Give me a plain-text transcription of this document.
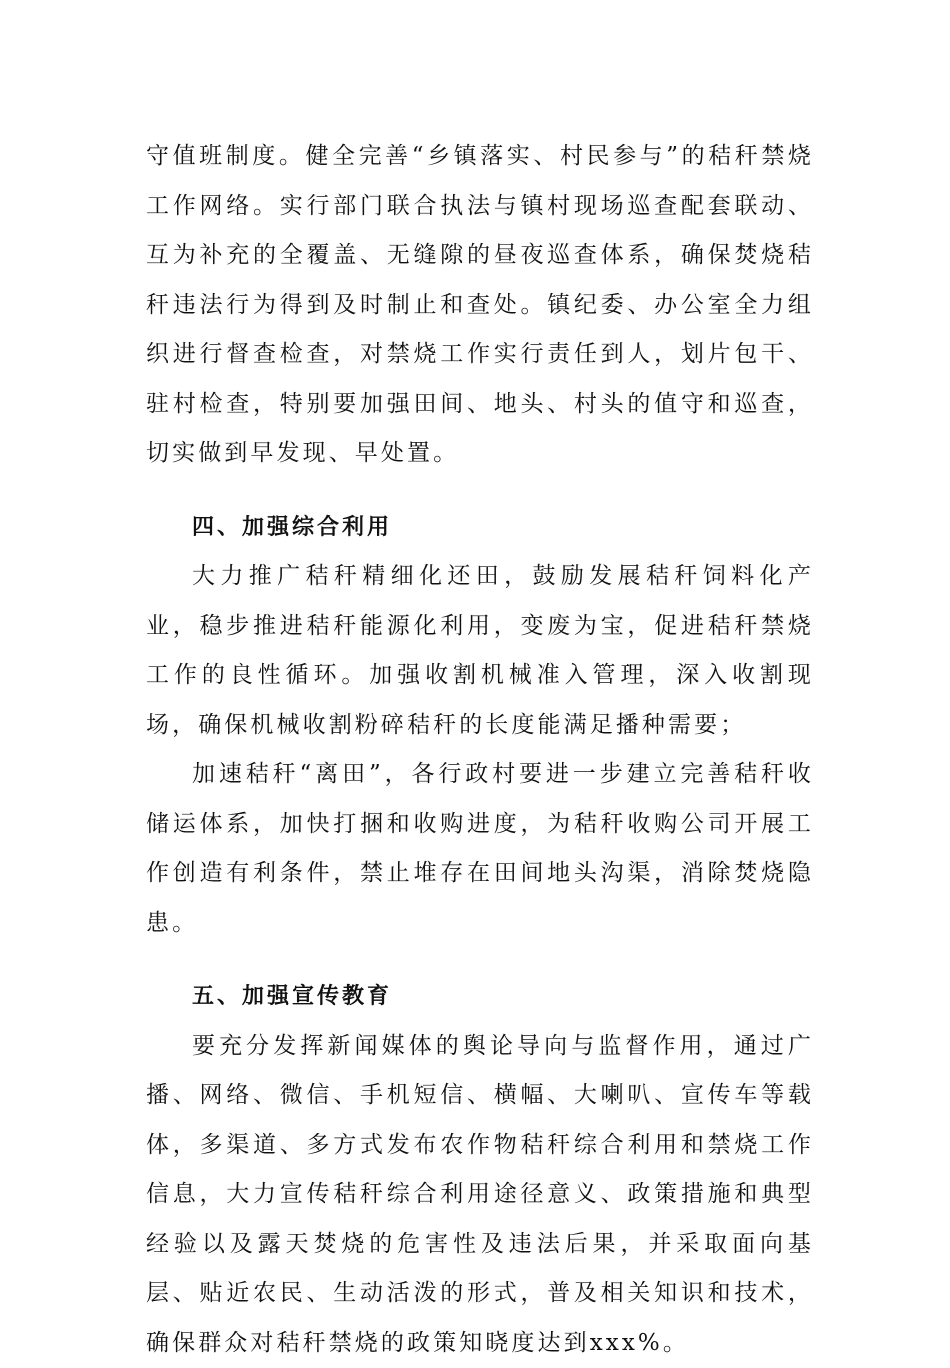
守值班制度。健全完善“乡镇落实、村民参与”的秸秆禁烧工作网络。实行部门联合执法与镇村现场巡查配套联动、互为补充的全覆盖、无缝隙的昼夜巡查体系，确保焚烧秸秆违法行为得到及时制止和查处。镇纪委、办公室全力组织进行督查检查，对禁烧工作实行责任到人，划片包干、驻村检查，特别要加强田间、地头、村头的值守和巡查，切实做到早发现、早处置。

四、加强综合利用

大力推广秸秆精细化还田，鼓励发展秸秆饲料化产业，稳步推进秸秆能源化利用，变废为宝，促进秸秆禁烧工作的良性循环。加强收割机械准入管理，深入收割现场，确保机械收割粉碎秸秆的长度能满足播种需要；

加速秸秆“离田”，各行政村要进一步建立完善秸秆收储运体系，加快打捆和收购进度，为秸秆收购公司开展工作创造有利条件，禁止堆存在田间地头沟渠，消除焚烧隐患。

五、加强宣传教育

要充分发挥新闻媒体的舆论导向与监督作用，通过广播、网络、微信、手机短信、横幅、大喇叭、宣传车等载体，多渠道、多方式发布农作物秸秆综合利用和禁烧工作信息，大力宣传秸秆综合利用途径意义、政策措施和典型经验以及露天焚烧的危害性及违法后果，并采取面向基层、贴近农民、生动活泼的形式，普及相关知识和技术，确保群众对秸秆禁烧的政策知晓度达到xxx%。
